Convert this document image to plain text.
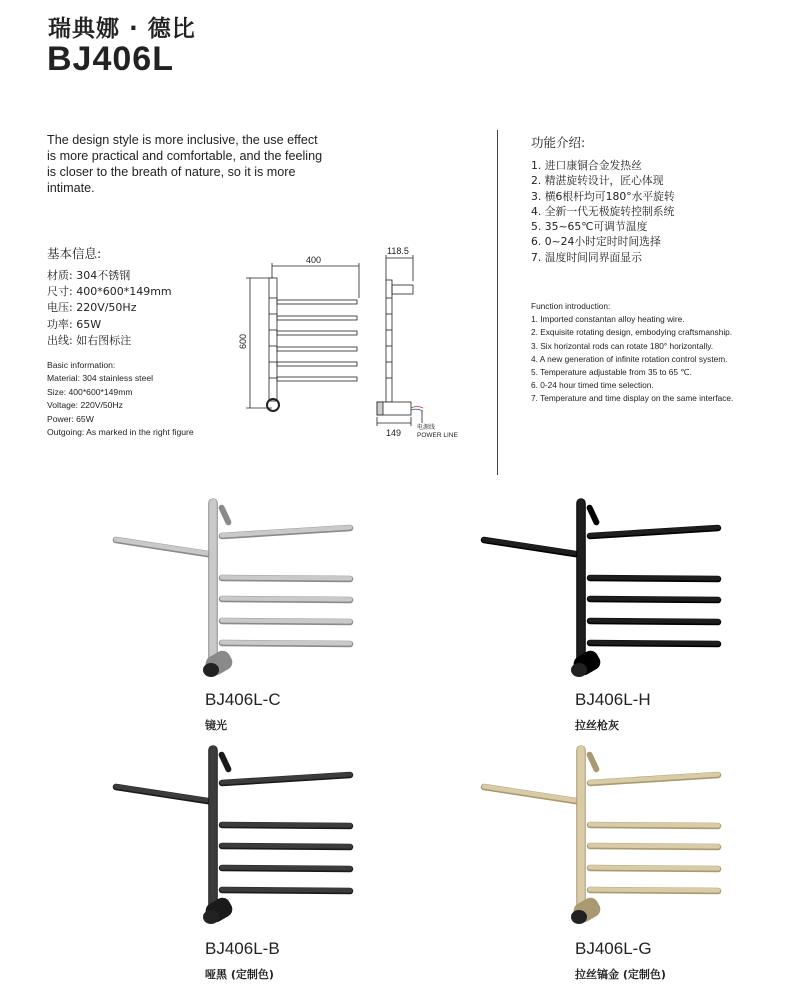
瑞典娜 · 德比
BJ406L
The design style is more inclusive, the use effect is more practical and comfortable, and the feeling is closer to the breath of nature, so it is more intimate.
基本信息:
材质: 304不锈钢
尺寸: 400*600*149mm
电压: 220V/50Hz
功率: 65W
出线: 如右图标注
Basic information:
Material: 304 stainless steel
Size: 400*600*149mm
Voltage: 220V/50Hz
Power: 65W
Outgoing: As marked in the right figure
400
600
118.5
149	电源线
POWER LINE
功能介绍:
1. 进口康铜合金发热丝
2. 精湛旋转设计，匠心体现
3. 横6根杆均可180°水平旋转
4. 全新一代无极旋转控制系统
5. 35~65℃可调节温度
6. 0~24小时定时时间选择
7. 温度时间同界面显示
Function introduction:
1. Imported constantan alloy heating wire.
2. Exquisite rotating design, embodying craftsmanship.
3. Six horizontal rods can rotate 180° horizontally.
4. A new generation of infinite rotation control system.
5. Temperature adjustable from 35 to 65 ℃.
6. 0-24 hour timed time selection.
7. Temperature and time display on the same interface.
BJ406L-C
镜光
BJ406L-H
拉丝枪灰
BJ406L-B
哑黑 (定制色)
BJ406L-G
拉丝镐金 (定制色)
